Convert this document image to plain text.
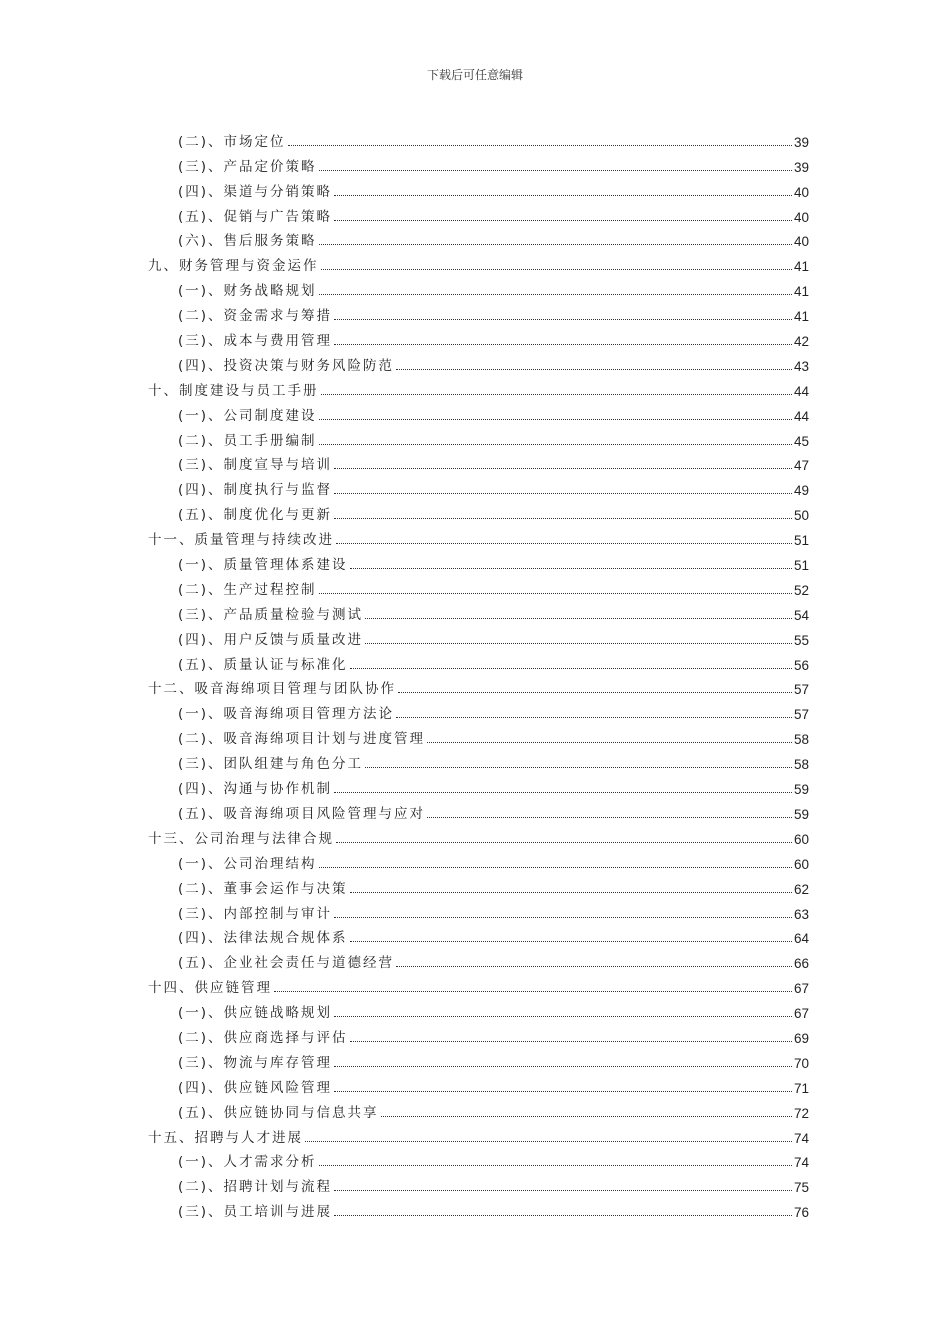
下载后可任意编辑
(二)、市场定位	39
(三)、产品定价策略	39
(四)、渠道与分销策略	40
(五)、促销与广告策略	40
(六)、售后服务策略	40
九、财务管理与资金运作	41
(一)、财务战略规划	41
(二)、资金需求与筹措	41
(三)、成本与费用管理	42
(四)、投资决策与财务风险防范	43
十、制度建设与员工手册	44
(一)、公司制度建设	44
(二)、员工手册编制	45
(三)、制度宣导与培训	47
(四)、制度执行与监督	49
(五)、制度优化与更新	50
十一、质量管理与持续改进	51
(一)、质量管理体系建设	51
(二)、生产过程控制	52
(三)、产品质量检验与测试	54
(四)、用户反馈与质量改进	55
(五)、质量认证与标准化	56
十二、吸音海绵项目管理与团队协作	57
(一)、吸音海绵项目管理方法论	57
(二)、吸音海绵项目计划与进度管理	58
(三)、团队组建与角色分工	58
(四)、沟通与协作机制	59
(五)、吸音海绵项目风险管理与应对	59
十三、公司治理与法律合规	60
(一)、公司治理结构	60
(二)、董事会运作与决策	62
(三)、内部控制与审计	63
(四)、法律法规合规体系	64
(五)、企业社会责任与道德经营	66
十四、供应链管理	67
(一)、供应链战略规划	67
(二)、供应商选择与评估	69
(三)、物流与库存管理	70
(四)、供应链风险管理	71
(五)、供应链协同与信息共享	72
十五、招聘与人才进展	74
(一)、人才需求分析	74
(二)、招聘计划与流程	75
(三)、员工培训与进展	76
